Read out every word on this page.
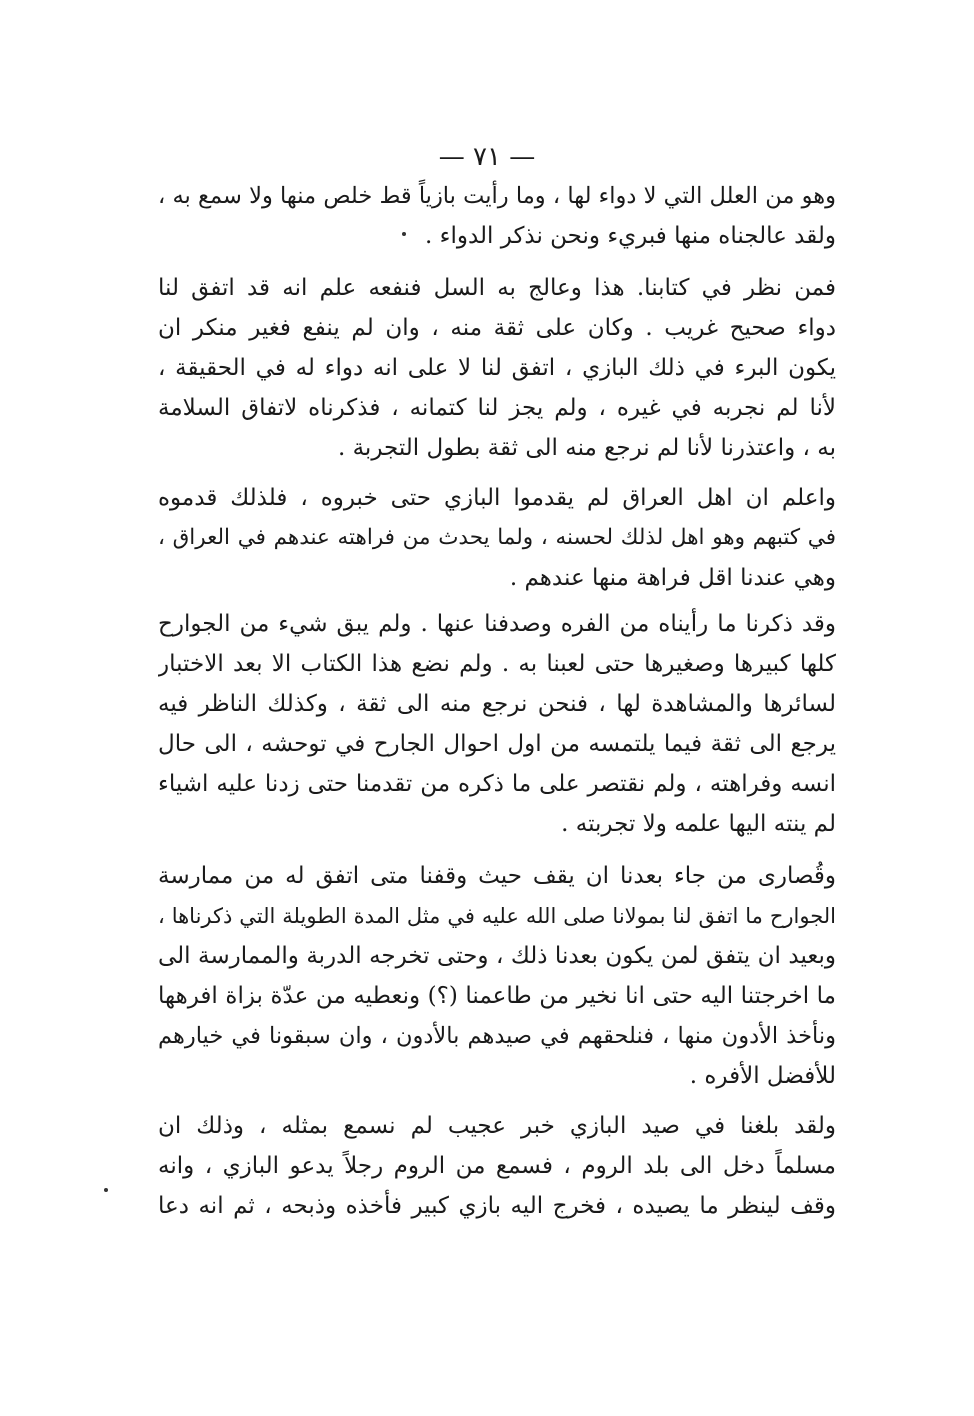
— ٧١ —
وهو من العلل التي لا دواء لها ، وما رأيت بازياً قط خلص منها ولا سمع به ،
ولقد عالجناه منها فبريء ونحن نذكر الدواء .
فمن نظر في كتابنا. هذا وعالج به السل فنفعه علم انه قد اتفق لنا
دواء صحيح غريب . وكان على ثقة منه ، وان لم ينفع فغير منكر ان
يكون البرء في ذلك البازي ، اتفق لنا لا على انه دواء له في الحقيقة ،
لأنا لم نجربه في غيره ، ولم يجز لنا كتمانه ، فذكرناه لاتفاق السلامة
به ، واعتذرنا لأنا لم نرجع منه الى ثقة بطول التجربة .
واعلم ان اهل العراق لم يقدموا البازي حتى خبروه ، فلذلك قدموه
في كتبهم وهو اهل لذلك لحسنه ، ولما يحدث من فراهته عندهم في العراق ،
وهي عندنا اقل فراهة منها عندهم .
وقد ذكرنا ما رأيناه من الفره وصدفنا عنها . ولم يبق شيء من الجوارح
كلها كبيرها وصغيرها حتى لعبنا به . ولم نضع هذا الكتاب الا بعد الاختبار
لسائرها والمشاهدة لها ، فنحن نرجع منه الى ثقة ، وكذلك الناظر فيه
يرجع الى ثقة فيما يلتمسه من اول احوال الجارح في توحشه ، الى حال
انسه وفراهته ، ولم نقتصر على ما ذكره من تقدمنا حتى زدنا عليه اشياء
لم ينته اليها علمه ولا تجربته .
وقُصارى من جاء بعدنا ان يقف حيث وقفنا متى اتفق له من ممارسة
الجوارح ما اتفق لنا بمولانا صلى الله عليه في مثل المدة الطويلة التي ذكرناها ،
وبعيد ان يتفق لمن يكون بعدنا ذلك ، وحتى تخرجه الدربة والممارسة الى
ما اخرجتنا اليه حتى انا نخير من طاعمنا (؟) ونعطيه من عدّة بزاة افرهها
ونأخذ الأدون منها ، فنلحقهم في صيدهم بالأدون ، وان سبقونا في خيارهم
للأفضل الأفره .
ولقد بلغنا في صيد البازي خبر عجيب لم نسمع بمثله ، وذلك ان
مسلماً دخل الى بلد الروم ، فسمع من الروم رجلاً يدعو البازي ، وانه
وقف لينظر ما يصيده ، فخرج اليه بازي كبير فأخذه وذبحه ، ثم انه دعا
